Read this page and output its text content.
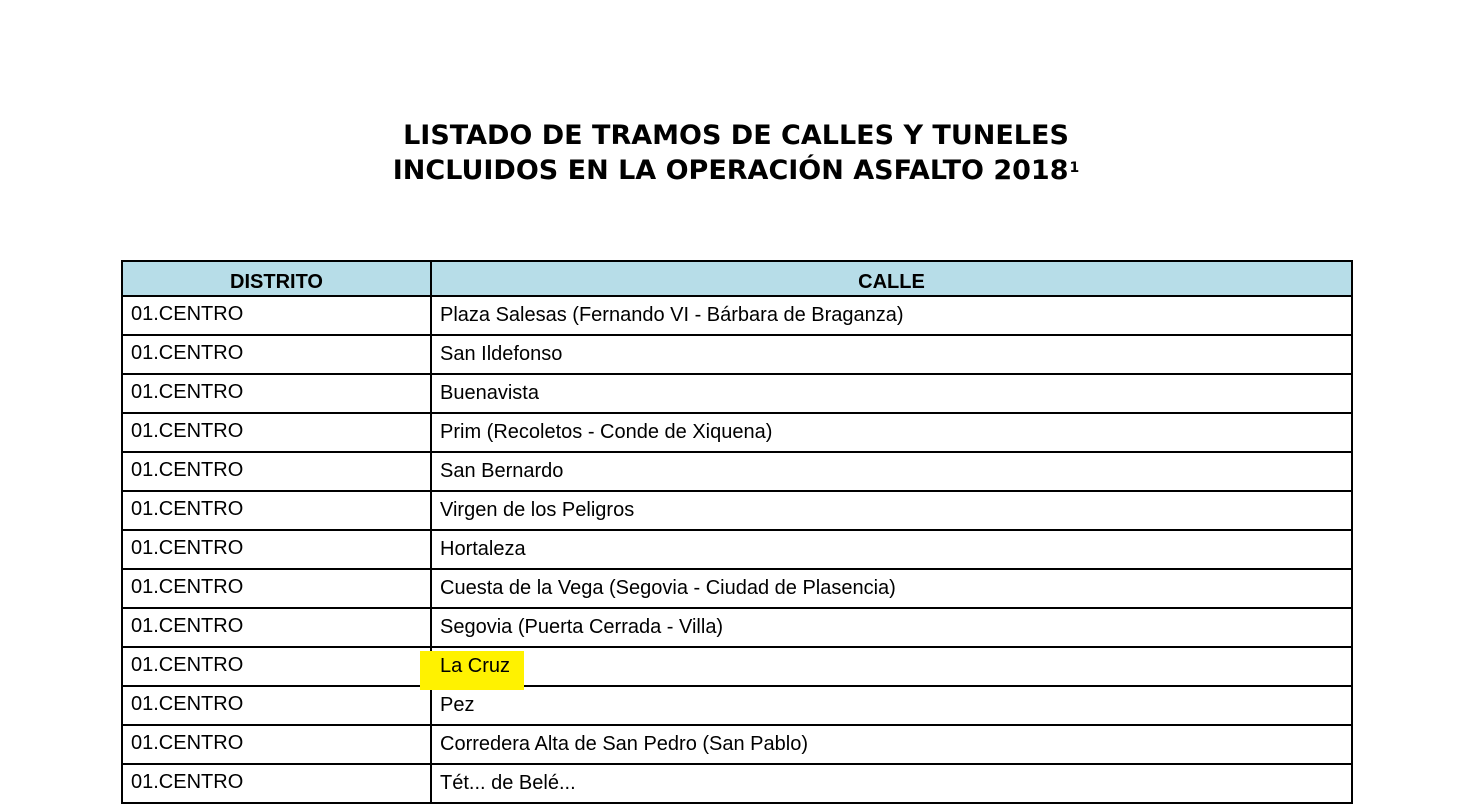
LISTADO DE TRAMOS DE CALLES Y TUNELES
INCLUIDOS EN LA OPERACIÓN ASFALTO 2018$^1$
DISTRITO	CALLE
01.CENTRO	Plaza Salesas (Fernando VI - Bárbara de Braganza)
01.CENTRO	San Ildefonso
01.CENTRO	Buenavista
01.CENTRO	Prim (Recoletos - Conde de Xiquena)
01.CENTRO	San Bernardo
01.CENTRO	Virgen de los Peligros
01.CENTRO	Hortaleza
01.CENTRO	Cuesta de la Vega (Segovia - Ciudad de Plasencia)
01.CENTRO	Segovia (Puerta Cerrada - Villa)
01.CENTRO	La Cruz
01.CENTRO	Pez
01.CENTRO	Corredera Alta de San Pedro (San Pablo)
01.CENTRO	Tét... de Belé...
